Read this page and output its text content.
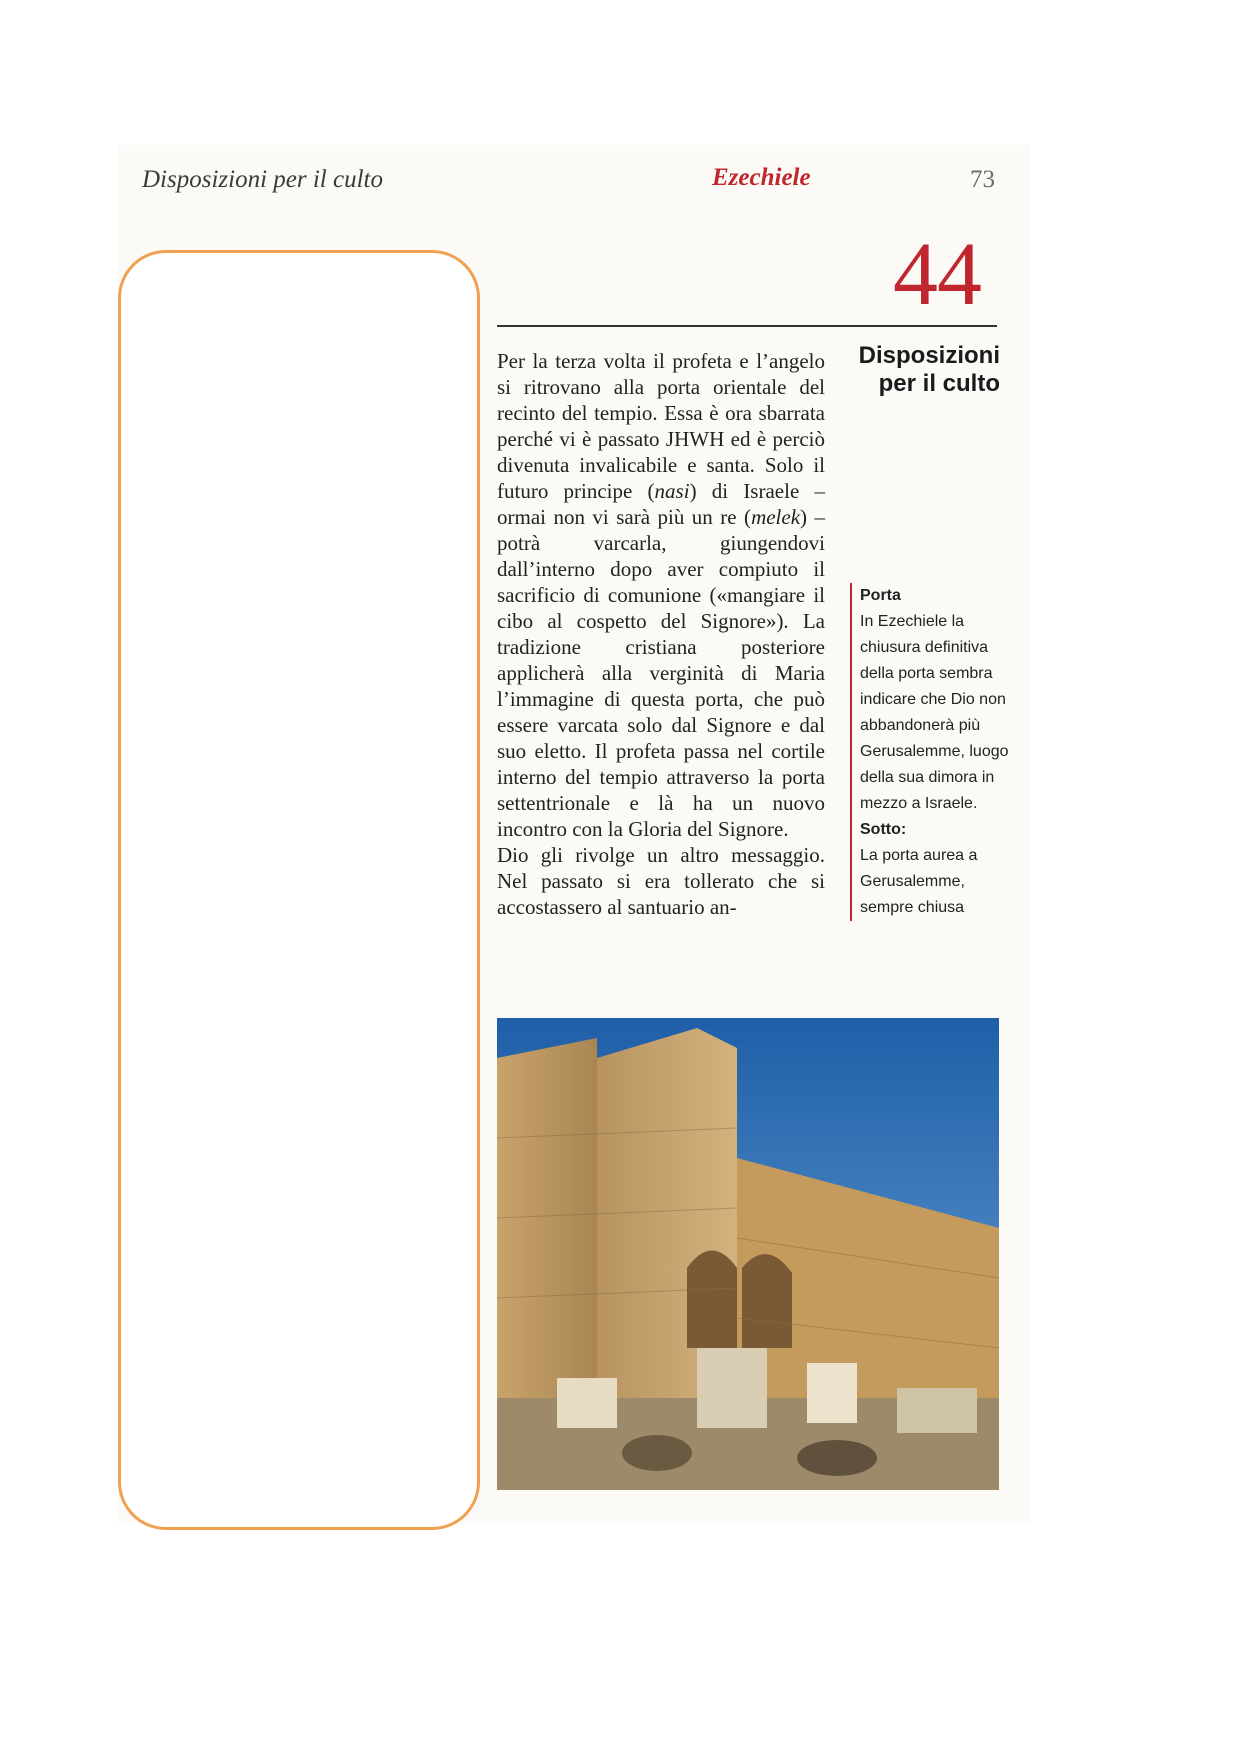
Disposizioni per il culto	Ezechiele	73
44
Disposizioni
per il culto

Per la terza volta il profeta e l’angelo si ritrovano alla porta orientale del recinto del tempio. Essa è ora sbarrata perché vi è passato JHWH ed è perciò divenuta invalicabile e santa. Solo il futuro principe (nasi) di Israele – ormai non vi sarà più un re (melek) – potrà varcarla, giungendovi dall’interno dopo aver compiuto il sacrificio di comunione («mangiare il cibo al cospetto del Signore»). La tradizione cristiana posteriore applicherà alla verginità di Maria l’immagine di questa porta, che può essere varcata solo dal Signore e dal suo eletto. Il profeta passa nel cortile interno del tempio attraverso la porta settentrionale e là ha un nuovo incontro con la Gloria del Signore.

Dio gli rivolge un altro messaggio. Nel passato si era tollerato che si accostassero al santuario an-

Porta
In Ezechiele la chiusura definitiva della porta sembra indicare che Dio non abbandonerà più Gerusalemme, luogo della sua dimora in mezzo a Israele.
Sotto:
La porta aurea a Gerusalemme, sempre chiusa
